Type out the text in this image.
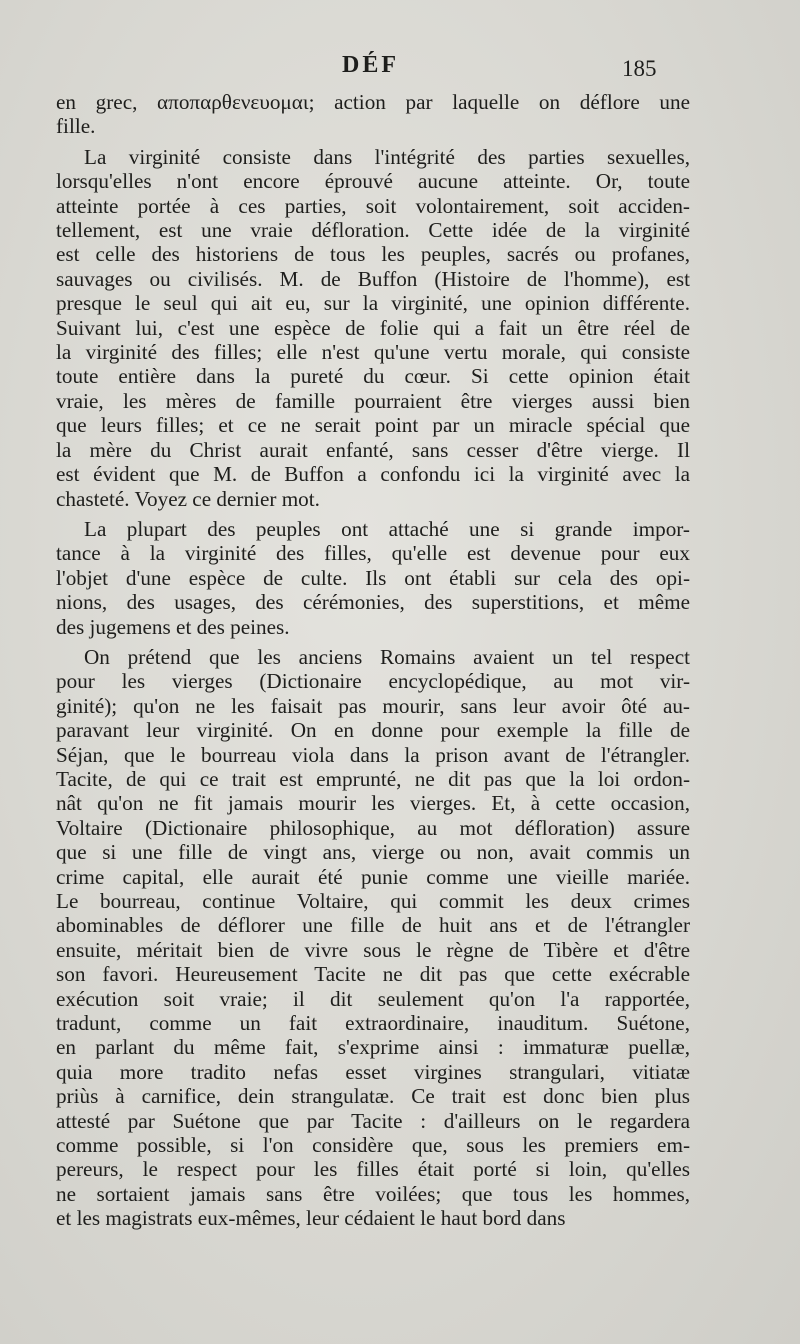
DÉF	185
en grec, αποπαρθενευομαι; action par laquelle on déflore une
fille.
La virginité consiste dans l'intégrité des parties sexuelles,
lorsqu'elles n'ont encore éprouvé aucune atteinte. Or, toute
atteinte portée à ces parties, soit volontairement, soit acciden-
tellement, est une vraie défloration. Cette idée de la virginité
est celle des historiens de tous les peuples, sacrés ou profanes,
sauvages ou civilisés. M. de Buffon (Histoire de l'homme), est
presque le seul qui ait eu, sur la virginité, une opinion différente.
Suivant lui, c'est une espèce de folie qui a fait un être réel de
la virginité des filles; elle n'est qu'une vertu morale, qui consiste
toute entière dans la pureté du cœur. Si cette opinion était
vraie, les mères de famille pourraient être vierges aussi bien
que leurs filles; et ce ne serait point par un miracle spécial que
la mère du Christ aurait enfanté, sans cesser d'être vierge. Il
est évident que M. de Buffon a confondu ici la virginité avec la
chasteté. Voyez ce dernier mot.
La plupart des peuples ont attaché une si grande impor-
tance à la virginité des filles, qu'elle est devenue pour eux
l'objet d'une espèce de culte. Ils ont établi sur cela des opi-
nions, des usages, des cérémonies, des superstitions, et même
des jugemens et des peines.
On prétend que les anciens Romains avaient un tel respect
pour les vierges (Dictionaire encyclopédique, au mot vir-
ginité); qu'on ne les faisait pas mourir, sans leur avoir ôté au-
paravant leur virginité. On en donne pour exemple la fille de
Séjan, que le bourreau viola dans la prison avant de l'étrangler.
Tacite, de qui ce trait est emprunté, ne dit pas que la loi ordon-
nât qu'on ne fit jamais mourir les vierges. Et, à cette occasion,
Voltaire (Dictionaire philosophique, au mot défloration) assure
que si une fille de vingt ans, vierge ou non, avait commis un
crime capital, elle aurait été punie comme une vieille mariée.
Le bourreau, continue Voltaire, qui commit les deux crimes
abominables de déflorer une fille de huit ans et de l'étrangler
ensuite, méritait bien de vivre sous le règne de Tibère et d'être
son favori. Heureusement Tacite ne dit pas que cette exécrable
exécution soit vraie; il dit seulement qu'on l'a rapportée,
tradunt, comme un fait extraordinaire, inauditum. Suétone,
en parlant du même fait, s'exprime ainsi : immaturæ puellæ,
quia more tradito nefas esset virgines strangulari, vitiatæ
priùs à carnifice, dein strangulatæ. Ce trait est donc bien plus
attesté par Suétone que par Tacite : d'ailleurs on le regardera
comme possible, si l'on considère que, sous les premiers em-
pereurs, le respect pour les filles était porté si loin, qu'elles
ne sortaient jamais sans être voilées; que tous les hommes,
et les magistrats eux-mêmes, leur cédaient le haut bord dans
